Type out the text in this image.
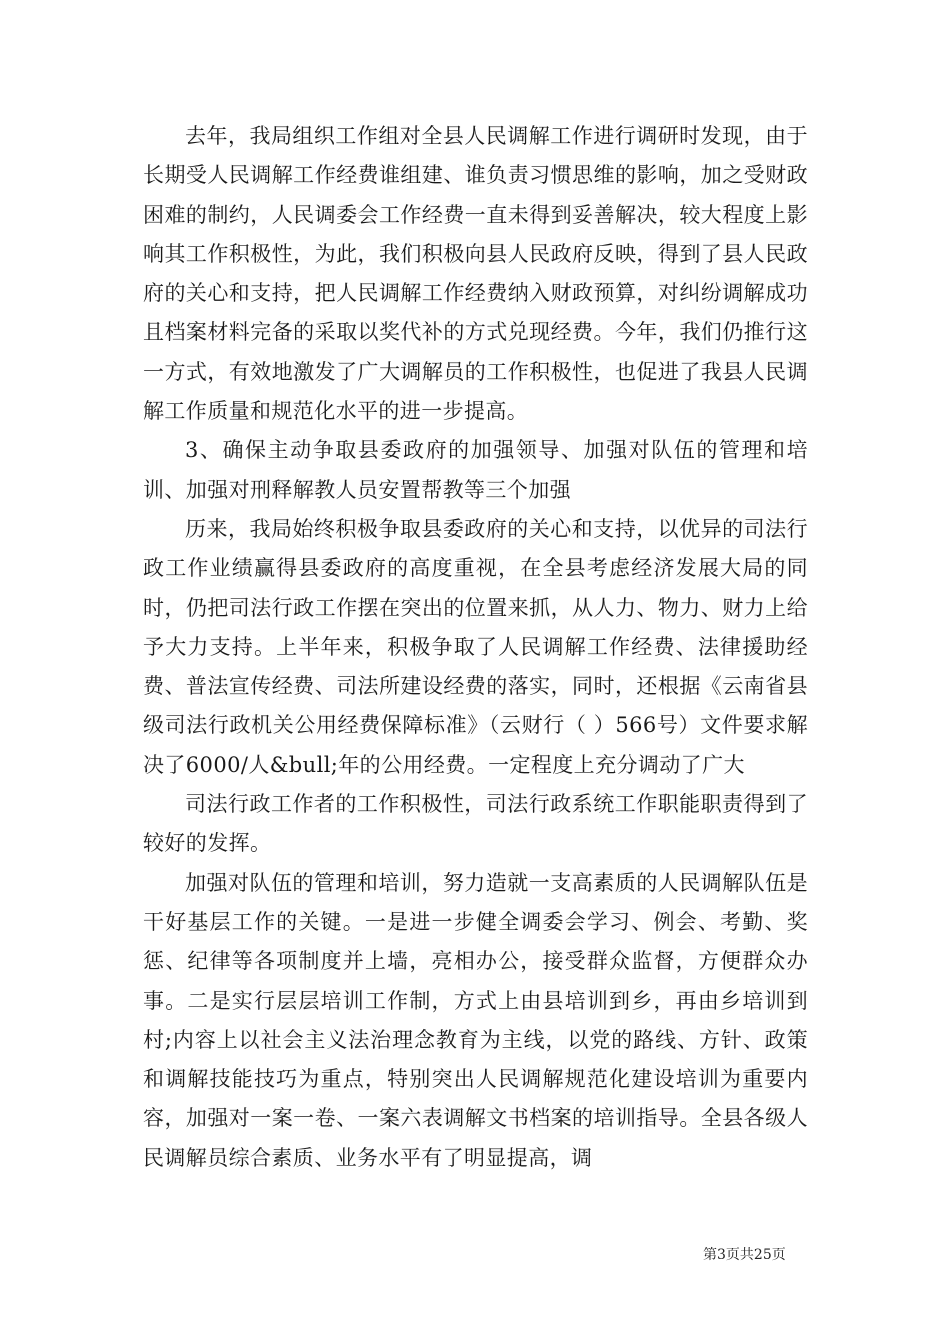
去年，我局组织工作组对全县人民调解工作进行调研时发现，由于长期受人民调解工作经费谁组建、谁负责习惯思维的影响，加之受财政困难的制约，人民调委会工作经费一直未得到妥善解决，较大程度上影响其工作积极性，为此，我们积极向县人民政府反映，得到了县人民政府的关心和支持，把人民调解工作经费纳入财政预算，对纠纷调解成功且档案材料完备的采取以奖代补的方式兑现经费。今年，我们仍推行这一方式，有效地激发了广大调解员的工作积极性，也促进了我县人民调解工作质量和规范化水平的进一步提高。

3、确保主动争取县委政府的加强领导、加强对队伍的管理和培训、加强对刑释解教人员安置帮教等三个加强

历来，我局始终积极争取县委政府的关心和支持，以优异的司法行政工作业绩赢得县委政府的高度重视，在全县考虑经济发展大局的同时，仍把司法行政工作摆在突出的位置来抓，从人力、物力、财力上给予大力支持。上半年来，积极争取了人民调解工作经费、法律援助经费、普法宣传经费、司法所建设经费的落实，同时，还根据《云南省县级司法行政机关公用经费保障标准》（云财行（ ）566号）文件要求解决了6000/人&bull;年的公用经费。一定程度上充分调动了广大

司法行政工作者的工作积极性，司法行政系统工作职能职责得到了较好的发挥。

加强对队伍的管理和培训，努力造就一支高素质的人民调解队伍是干好基层工作的关键。一是进一步健全调委会学习、例会、考勤、奖惩、纪律等各项制度并上墙，亮相办公，接受群众监督，方便群众办事。二是实行层层培训工作制，方式上由县培训到乡，再由乡培训到村;内容上以社会主义法治理念教育为主线，以党的路线、方针、政策和调解技能技巧为重点，特别突出人民调解规范化建设培训为重要内容，加强对一案一卷、一案六表调解文书档案的培训指导。全县各级人民调解员综合素质、业务水平有了明显提高，调

第3页共25页
